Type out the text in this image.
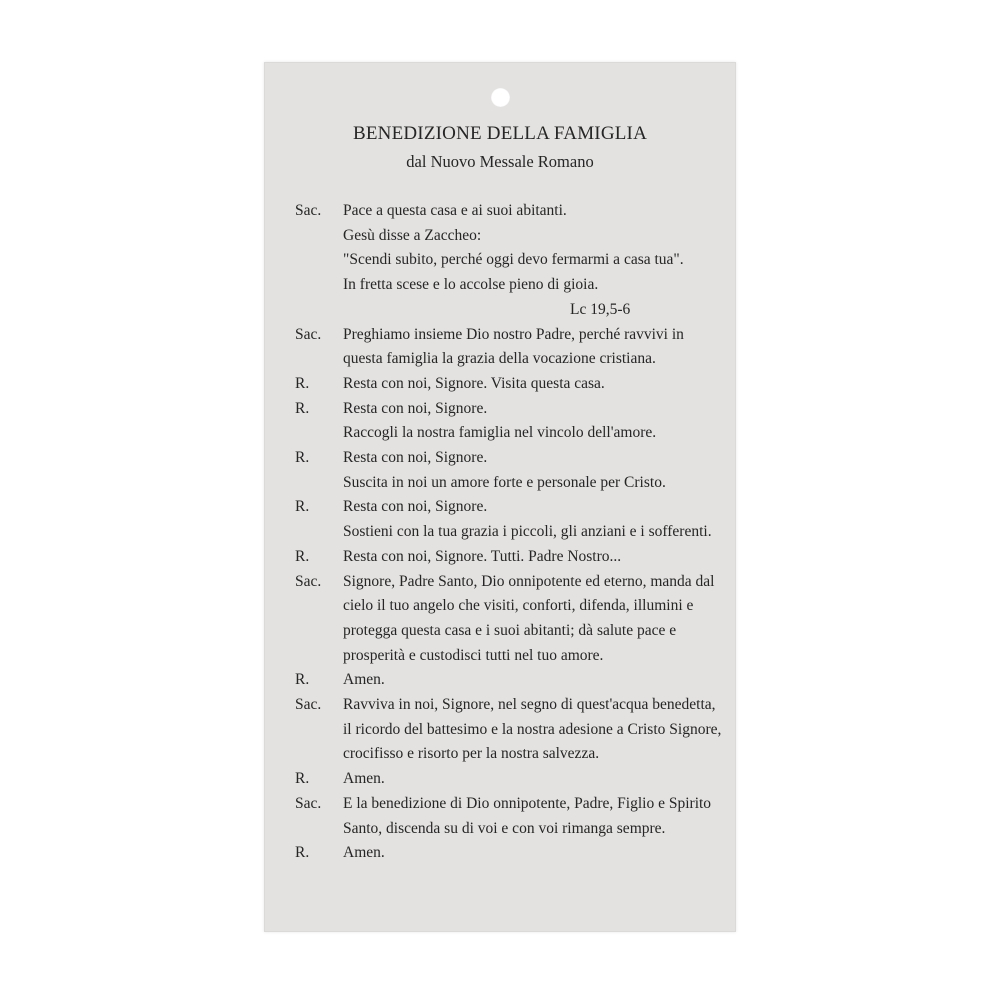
BENEDIZIONE DELLA FAMIGLIA
dal Nuovo Messale Romano
Sac.	Pace a questa casa e ai suoi abitanti.
Gesù disse a Zaccheo:
"Scendi subito, perché oggi devo fermarmi a casa tua".
In fretta scese e lo accolse pieno di gioia.
Lc 19,5-6
Sac.	Preghiamo insieme Dio nostro Padre, perché ravvivi in
questa famiglia la grazia della vocazione cristiana.
R.	Resta con noi, Signore. Visita questa casa.
R.	Resta con noi, Signore.
Raccogli la nostra famiglia nel vincolo dell'amore.
R.	Resta con noi, Signore.
Suscita in noi un amore forte e personale per Cristo.
R.	Resta con noi, Signore.
Sostieni con la tua grazia i piccoli, gli anziani e i sofferenti.
R.	Resta con noi, Signore. Tutti. Padre Nostro...
Sac.	Signore, Padre Santo, Dio onnipotente ed eterno, manda dal
cielo il tuo angelo che visiti, conforti, difenda, illumini e
protegga questa casa e i suoi abitanti; dà salute pace e
prosperità e custodisci tutti nel tuo amore.
R.	Amen.
Sac.	Ravviva in noi, Signore, nel segno di quest'acqua benedetta,
il ricordo del battesimo e la nostra adesione a Cristo Signore,
crocifisso e risorto per la nostra salvezza.
R.	Amen.
Sac.	E la benedizione di Dio onnipotente, Padre, Figlio e Spirito
Santo, discenda su di voi e con voi rimanga sempre.
R.	Amen.
